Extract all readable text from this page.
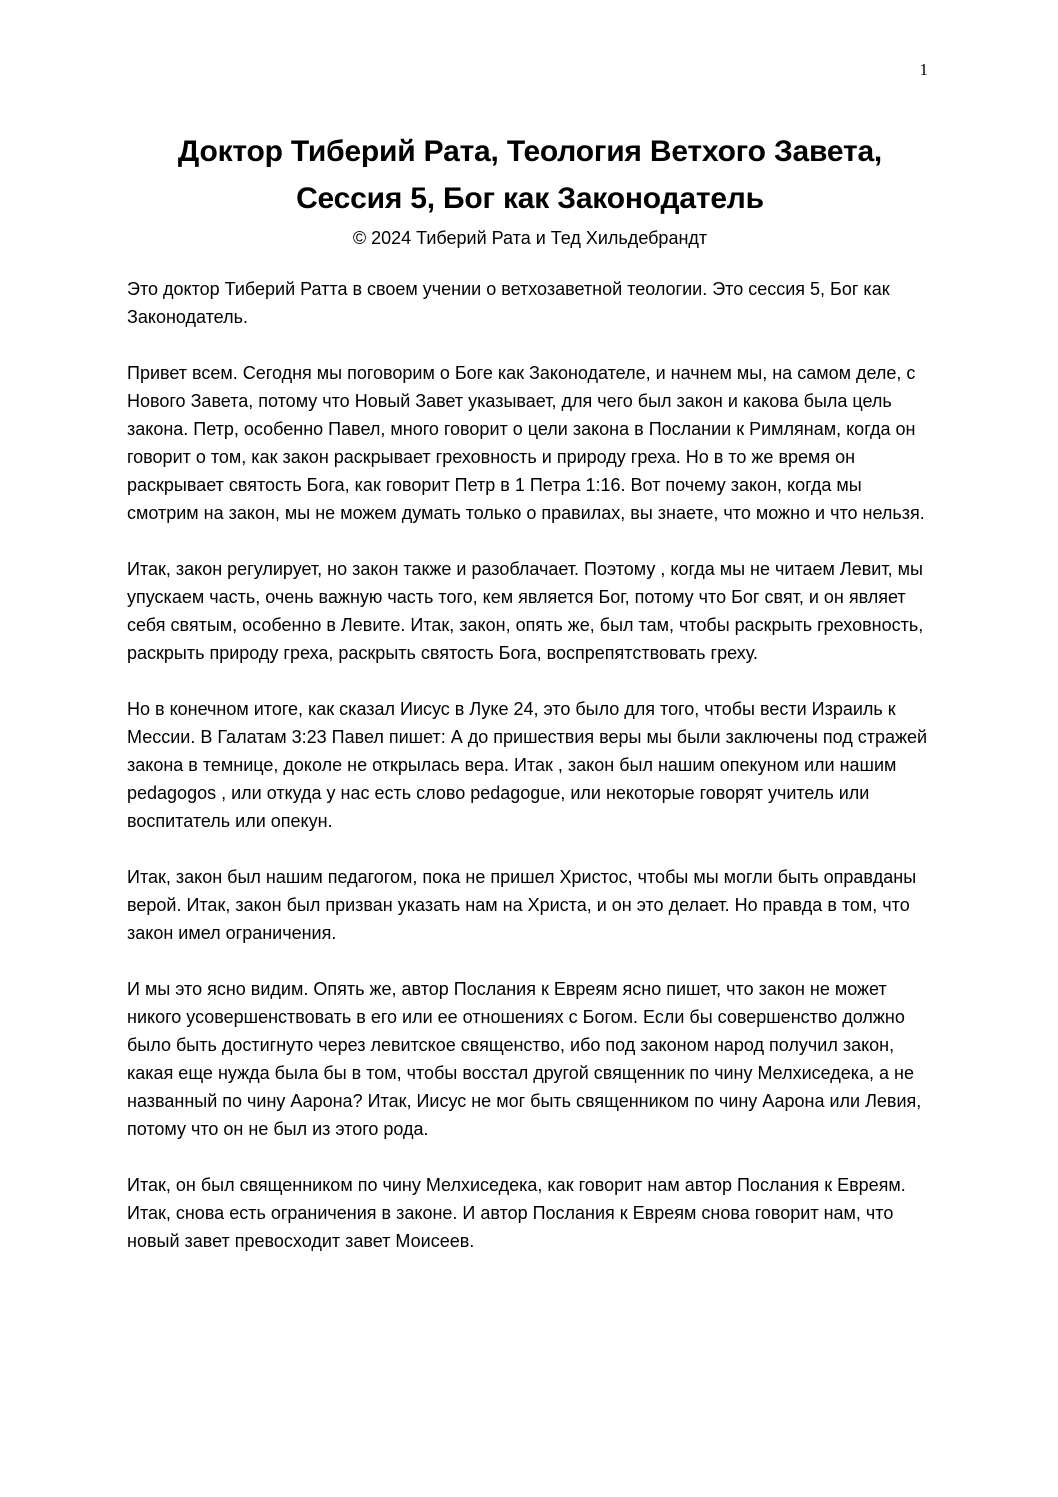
1
Доктор Тиберий Рата, Теология Ветхого Завета,
Сессия 5, Бог как Законодатель
© 2024 Тиберий Рата и Тед Хильдебрандт

Это доктор Тиберий Ратта в своем учении о ветхозаветной теологии. Это сессия 5, Бог как Законодатель.

Привет всем. Сегодня мы поговорим о Боге как Законодателе, и начнем мы, на самом деле, с Нового Завета, потому что Новый Завет указывает, для чего был закон и какова была цель закона. Петр, особенно Павел, много говорит о цели закона в Послании к Римлянам, когда он говорит о том, как закон раскрывает греховность и природу греха. Но в то же время он раскрывает святость Бога, как говорит Петр в 1 Петра 1:16. Вот почему закон, когда мы смотрим на закон, мы не можем думать только о правилах, вы знаете, что можно и что нельзя.

Итак, закон регулирует, но закон также и разоблачает. Поэтому , когда мы не читаем Левит, мы упускаем часть, очень важную часть того, кем является Бог, потому что Бог свят, и он являет себя святым, особенно в Левите. Итак, закон, опять же, был там, чтобы раскрыть греховность, раскрыть природу греха, раскрыть святость Бога, воспрепятствовать греху.

Но в конечном итоге, как сказал Иисус в Луке 24, это было для того, чтобы вести Израиль к Мессии. В Галатам 3:23 Павел пишет: А до пришествия веры мы были заключены под стражей закона в темнице, доколе не открылась вера. Итак , закон был нашим опекуном или нашим pedagogos , или откуда у нас есть слово pedagogue, или некоторые говорят учитель или воспитатель или опекун.

Итак, закон был нашим педагогом, пока не пришел Христос, чтобы мы могли быть оправданы верой. Итак, закон был призван указать нам на Христа, и он это делает. Но правда в том, что закон имел ограничения.

И мы это ясно видим. Опять же, автор Послания к Евреям ясно пишет, что закон не может никого усовершенствовать в его или ее отношениях с Богом. Если бы совершенство должно было быть достигнуто через левитское священство, ибо под законом народ получил закон, какая еще нужда была бы в том, чтобы восстал другой священник по чину Мелхиседека, а не названный по чину Аарона? Итак, Иисус не мог быть священником по чину Аарона или Левия, потому что он не был из этого рода.

Итак, он был священником по чину Мелхиседека, как говорит нам автор Послания к Евреям. Итак, снова есть ограничения в законе. И автор Послания к Евреям снова говорит нам, что новый завет превосходит завет Моисеев.
